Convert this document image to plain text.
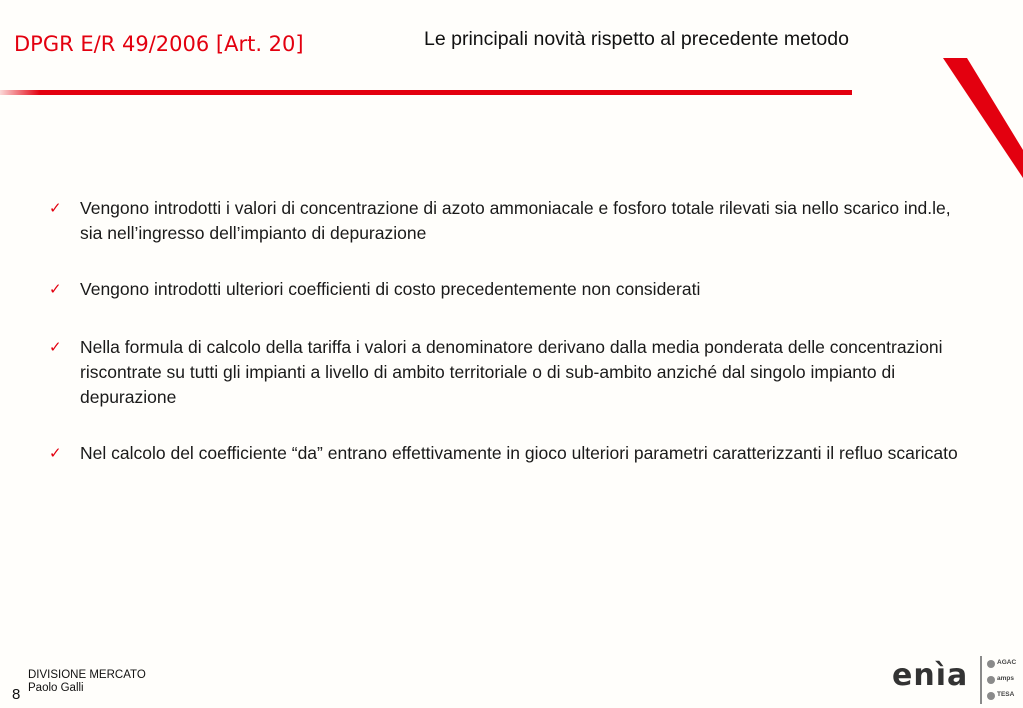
DPGR E/R 49/2006 [Art. 20]	Le principali novità rispetto al precedente metodo
✓ Vengono introdotti i valori di concentrazione di azoto ammoniacale e fosforo totale rilevati sia nello scarico ind.le, sia nell’ingresso dell’impianto di depurazione
✓ Vengono introdotti ulteriori coefficienti di costo precedentemente non considerati
✓ Nella formula di calcolo della tariffa i valori a denominatore derivano dalla media ponderata delle concentrazioni riscontrate su tutti gli impianti a livello di ambito territoriale o di sub-ambito anziché dal singolo impianto di depurazione
✓ Nel calcolo del coefficiente “da” entrano effettivamente in gioco ulteriori parametri caratterizzanti il refluo scaricato
DIVISIONE MERCATO
Paolo Galli
8
enìa	AGAC
amps
TESA
